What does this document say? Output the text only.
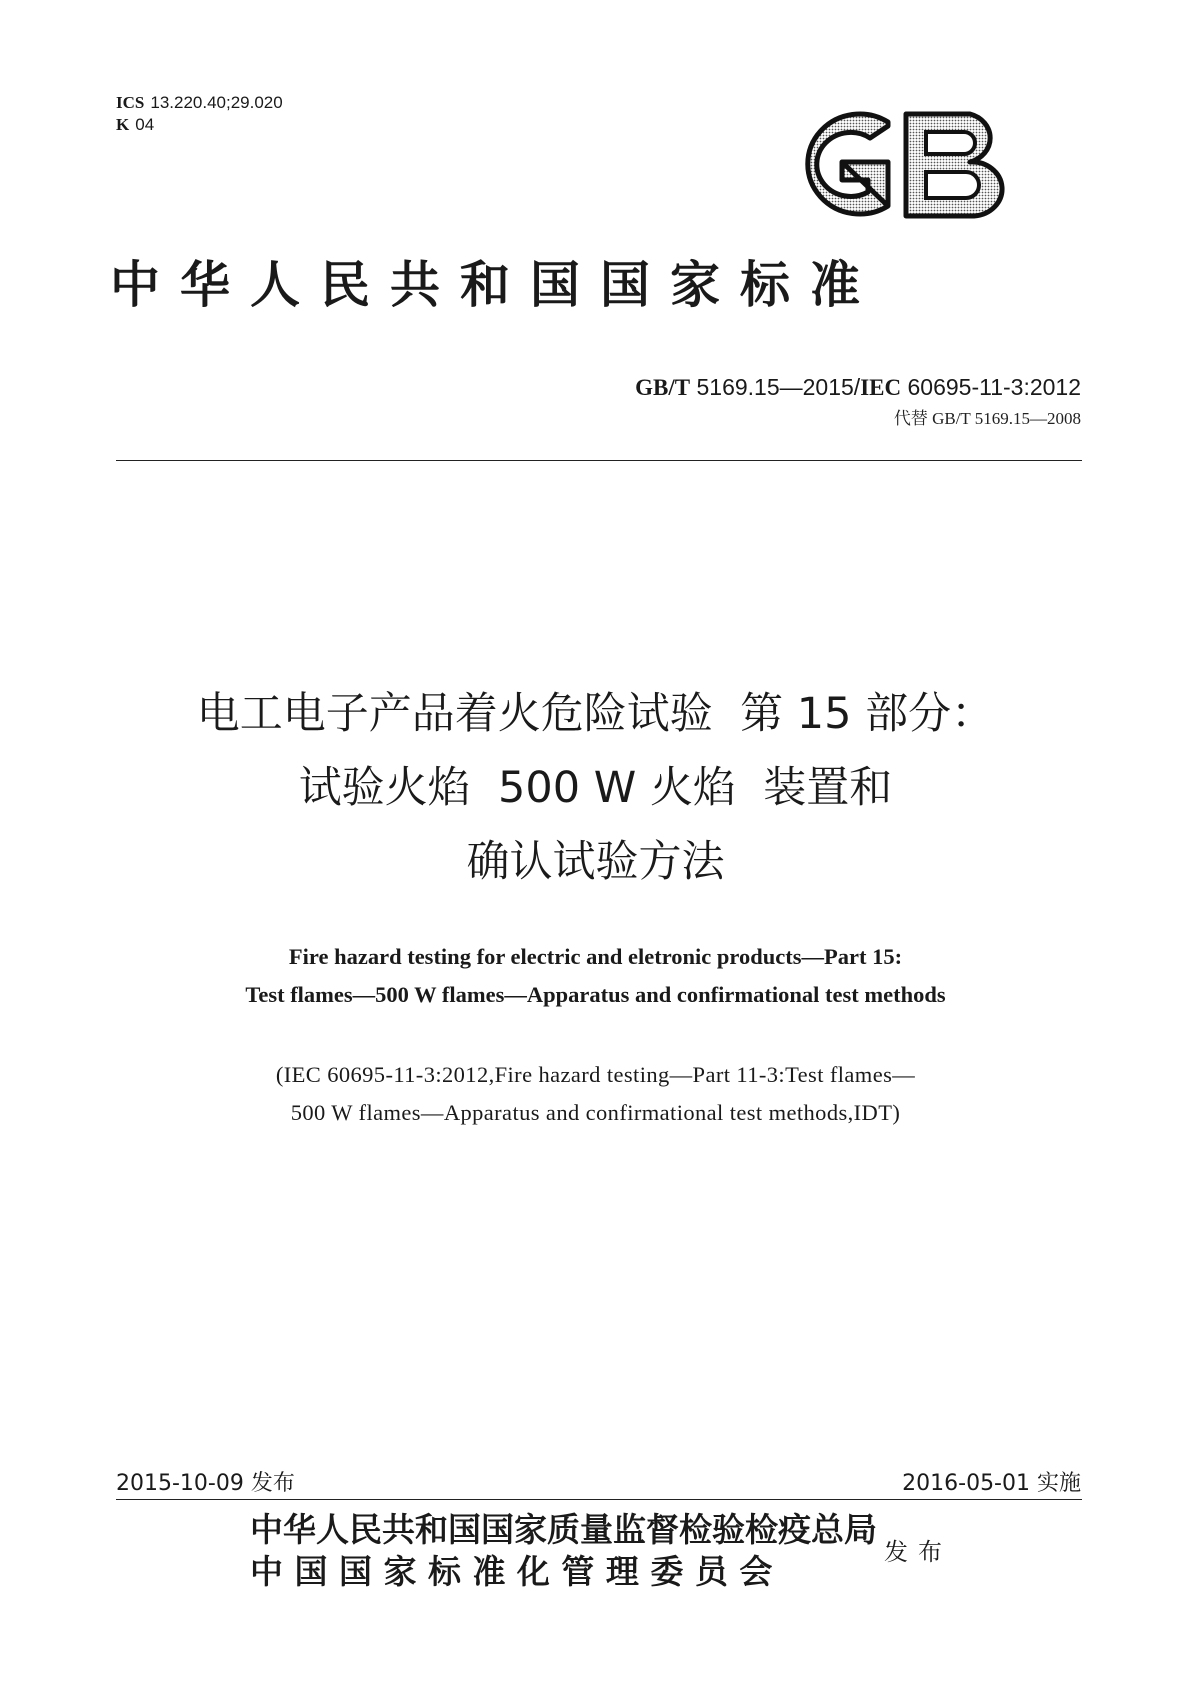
ICS 13.220.40;29.020
K 04
中华人民共和国国家标准
GB/T 5169.15—2015/IEC 60695-11-3:2012
代替 GB/T 5169.15—2008
电工电子产品着火危险试验  第 15 部分：
试验火焰  500 W 火焰  装置和
确认试验方法
Fire hazard testing for electric and eletronic products—Part 15:
Test flames—500 W flames—Apparatus and confirmational test methods
(IEC 60695-11-3:2012,Fire hazard testing—Part 11-3:Test flames—
500 W flames—Apparatus and confirmational test methods,IDT)
2015-10-09 发布	2016-05-01 实施
中华人民共和国国家质量监督检验检疫总局
中 国 国 家 标 准 化 管 理 委 员 会	发布
